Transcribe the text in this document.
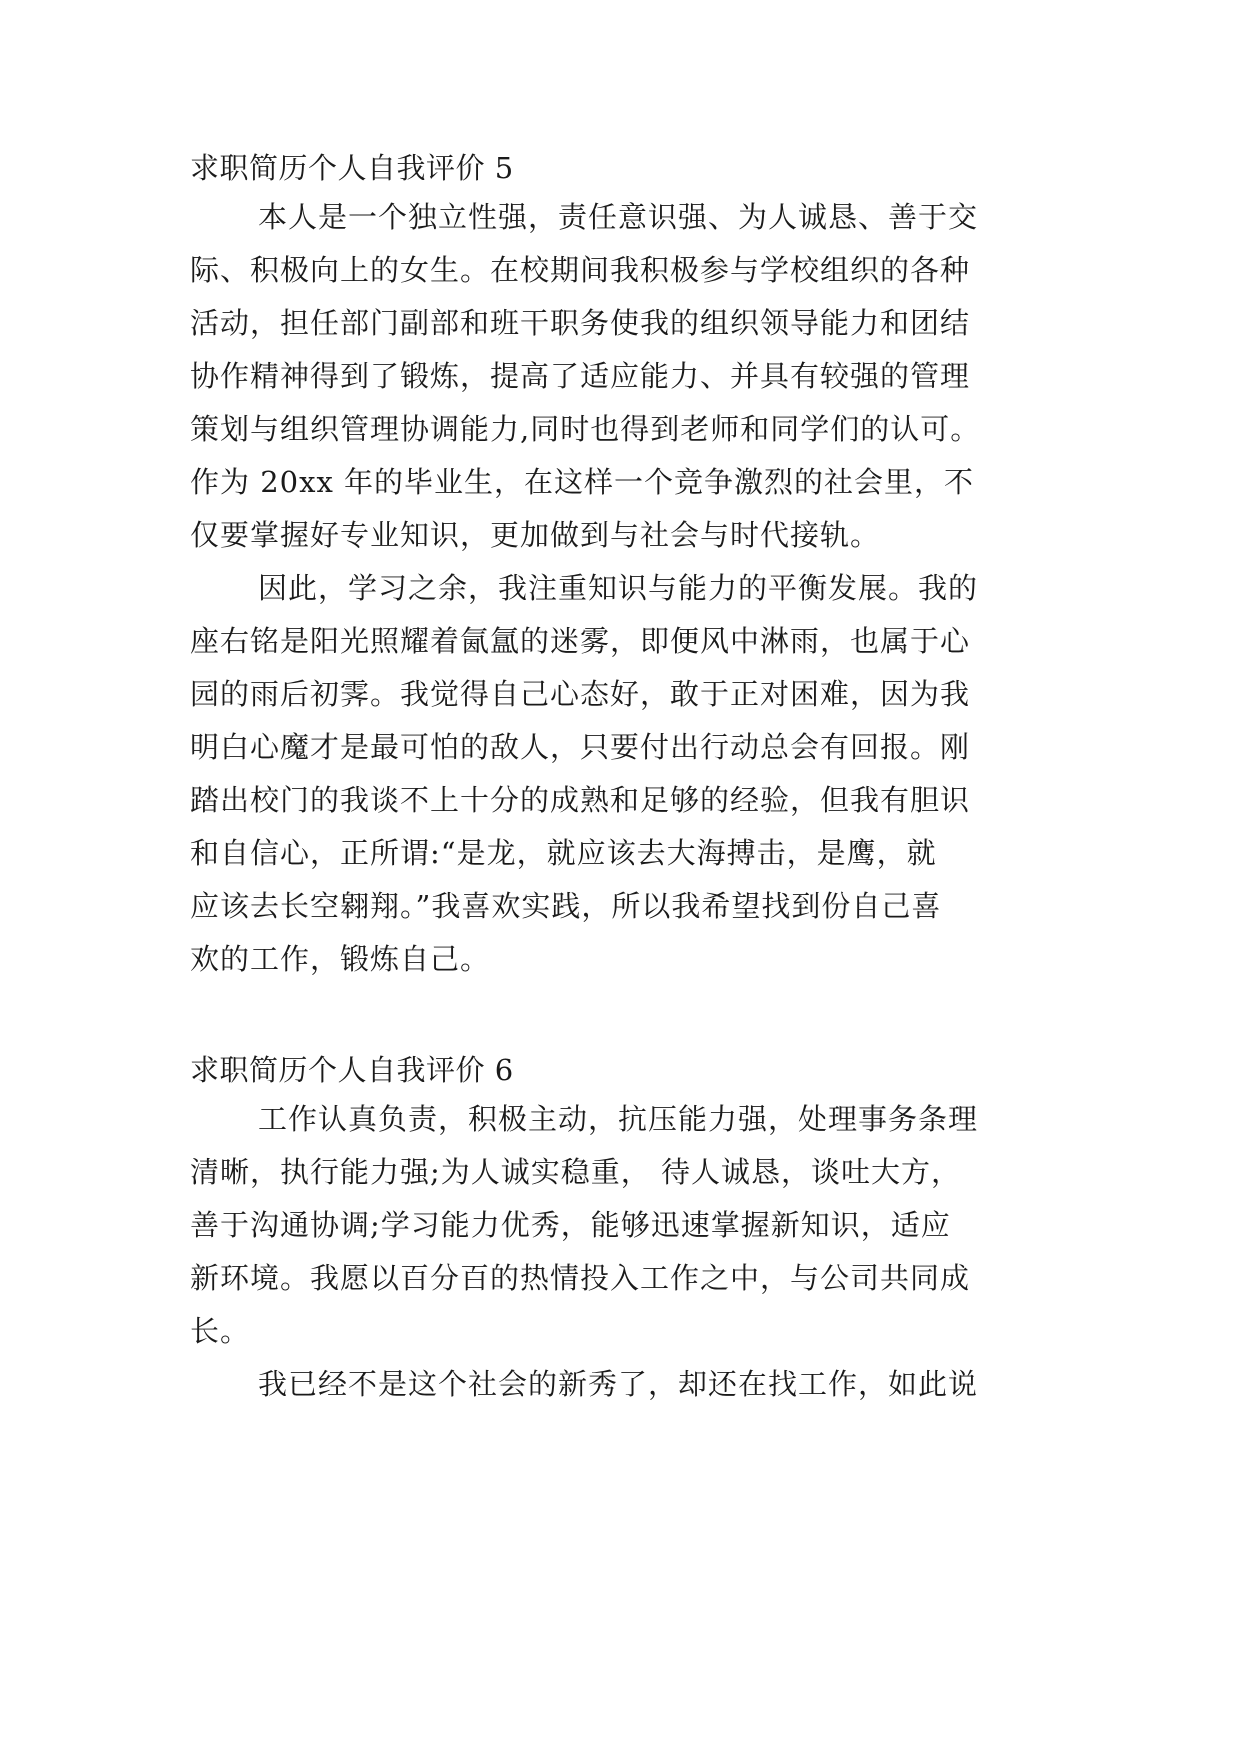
求职简历个人自我评价 5

本人是一个独立性强，责任意识强、为人诚恳、善于交

际、积极向上的女生。在校期间我积极参与学校组织的各种

活动，担任部门副部和班干职务使我的组织领导能力和团结

协作精神得到了锻炼，提高了适应能力、并具有较强的管理

策划与组织管理协调能力,同时也得到老师和同学们的认可。

作为 20xx 年的毕业生，在这样一个竞争激烈的社会里，不

仅要掌握好专业知识，更加做到与社会与时代接轨。

因此，学习之余，我注重知识与能力的平衡发展。我的

座右铭是阳光照耀着氤氲的迷雾，即便风中淋雨，也属于心

园的雨后初霁。我觉得自己心态好，敢于正对困难，因为我

明白心魔才是最可怕的敌人，只要付出行动总会有回报。刚

踏出校门的我谈不上十分的成熟和足够的经验，但我有胆识

和自信心，正所谓:“是龙，就应该去大海搏击，是鹰，就

应该去长空翱翔。”我喜欢实践，所以我希望找到份自己喜

欢的工作，锻炼自己。

求职简历个人自我评价 6

工作认真负责，积极主动，抗压能力强，处理事务条理

清晰，执行能力强;为人诚实稳重， 待人诚恳，谈吐大方，

善于沟通协调;学习能力优秀，能够迅速掌握新知识，适应

新环境。我愿以百分百的热情投入工作之中，与公司共同成

长。

我已经不是这个社会的新秀了，却还在找工作，如此说
